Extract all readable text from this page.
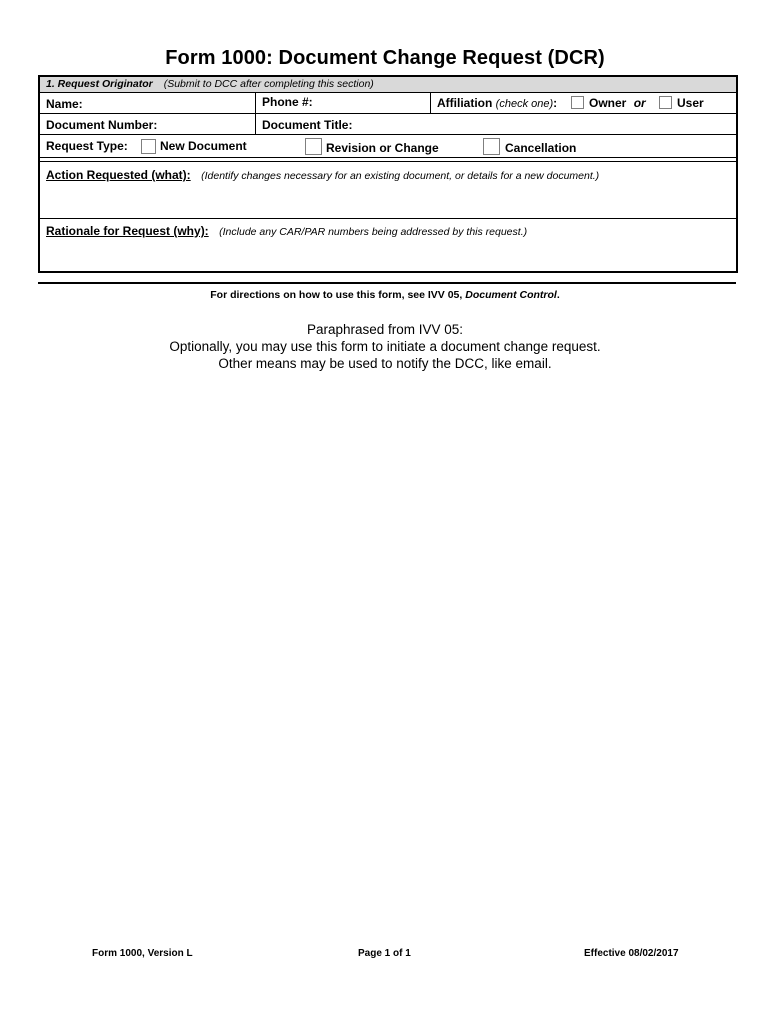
Form 1000: Document Change Request (DCR)
1. Request Originator (Submit to DCC after completing this section)
Name:	Phone #:	Affiliation (check one):	Owner or	User
Document Number:	Document Title:
Request Type:	New Document	Revision or Change	Cancellation
Action Requested (what): (Identify changes necessary for an existing document, or details for a new document.)
Rationale for Request (why): (Include any CAR/PAR numbers being addressed by this request.)
For directions on how to use this form, see IVV 05, Document Control.
Paraphrased from IVV 05:
Optionally, you may use this form to initiate a document change request.
Other means may be used to notify the DCC, like email.
Form 1000, Version L	Page 1 of 1	Effective 08/02/2017
